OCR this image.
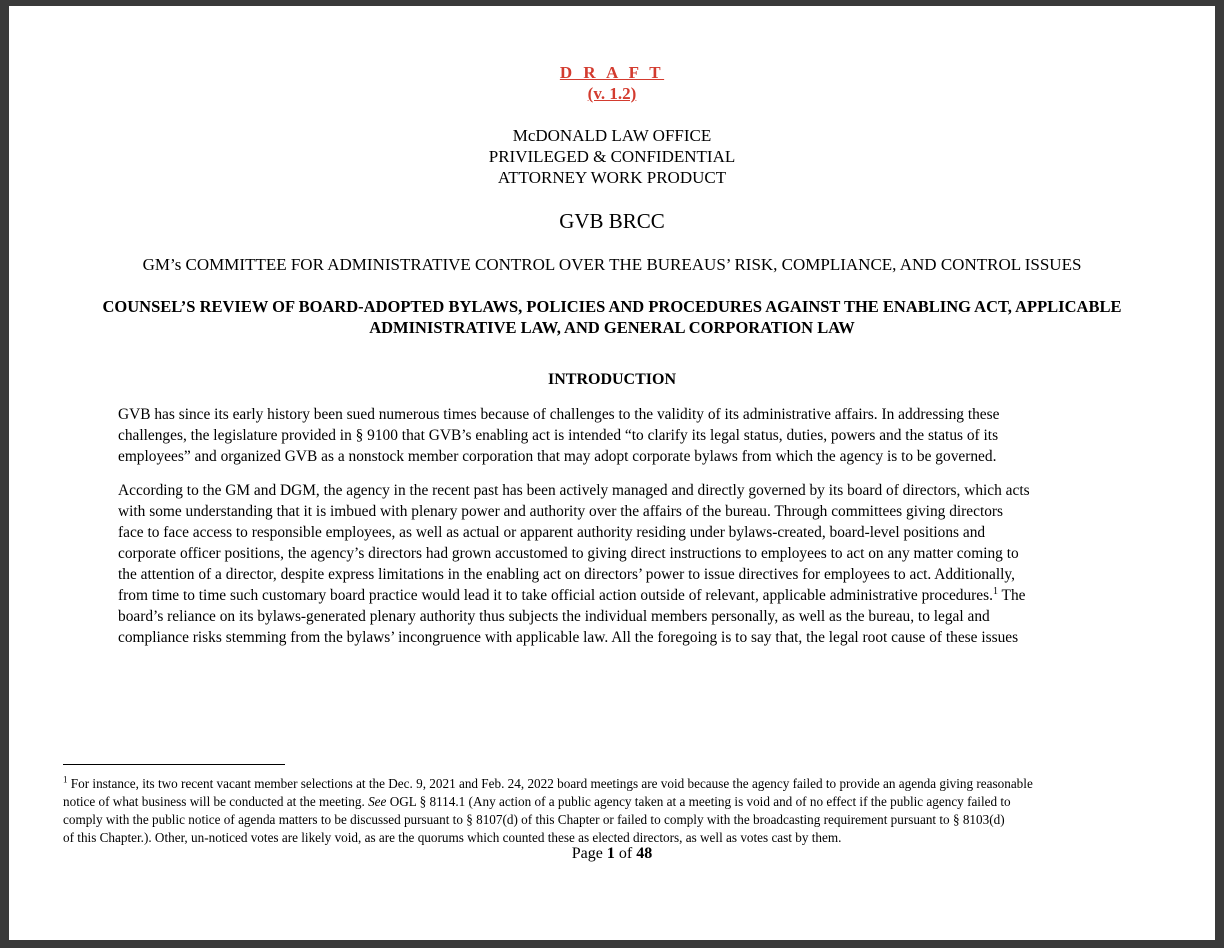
D R A F T
(v. 1.2)
McDONALD LAW OFFICE
PRIVILEGED & CONFIDENTIAL
ATTORNEY WORK PRODUCT
GVB BRCC
GM’s COMMITTEE FOR ADMINISTRATIVE CONTROL OVER THE BUREAUS’ RISK, COMPLIANCE, AND CONTROL ISSUES
COUNSEL’S REVIEW OF BOARD-ADOPTED BYLAWS, POLICIES AND PROCEDURES AGAINST THE ENABLING ACT, APPLICABLE
ADMINISTRATIVE LAW, AND GENERAL CORPORATION LAW
INTRODUCTION
GVB has since its early history been sued numerous times because of challenges to the validity of its administrative affairs. In addressing these
challenges, the legislature provided in § 9100 that GVB’s enabling act is intended “to clarify its legal status, duties, powers and the status of its
employees” and organized GVB as a nonstock member corporation that may adopt corporate bylaws from which the agency is to be governed.
According to the GM and DGM, the agency in the recent past has been actively managed and directly governed by its board of directors, which acts
with some understanding that it is imbued with plenary power and authority over the affairs of the bureau. Through committees giving directors
face to face access to responsible employees, as well as actual or apparent authority residing under bylaws-created, board-level positions and
corporate officer positions, the agency’s directors had grown accustomed to giving direct instructions to employees to act on any matter coming to
the attention of a director, despite express limitations in the enabling act on directors’ power to issue directives for employees to act. Additionally,
from time to time such customary board practice would lead it to take official action outside of relevant, applicable administrative procedures.$^1$ The
board’s reliance on its bylaws-generated plenary authority thus subjects the individual members personally, as well as the bureau, to legal and
compliance risks stemming from the bylaws’ incongruence with applicable law. All the foregoing is to say that, the legal root cause of these issues
$^1$ For instance, its two recent vacant member selections at the Dec. 9, 2021 and Feb. 24, 2022 board meetings are void because the agency failed to provide an agenda giving reasonable
notice of what business will be conducted at the meeting. See OGL § 8114.1 (Any action of a public agency taken at a meeting is void and of no effect if the public agency failed to
comply with the public notice of agenda matters to be discussed pursuant to § 8107(d) of this Chapter or failed to comply with the broadcasting requirement pursuant to § 8103(d)
of this Chapter.). Other, un-noticed votes are likely void, as are the quorums which counted these as elected directors, as well as votes cast by them.
Page 1 of 48
